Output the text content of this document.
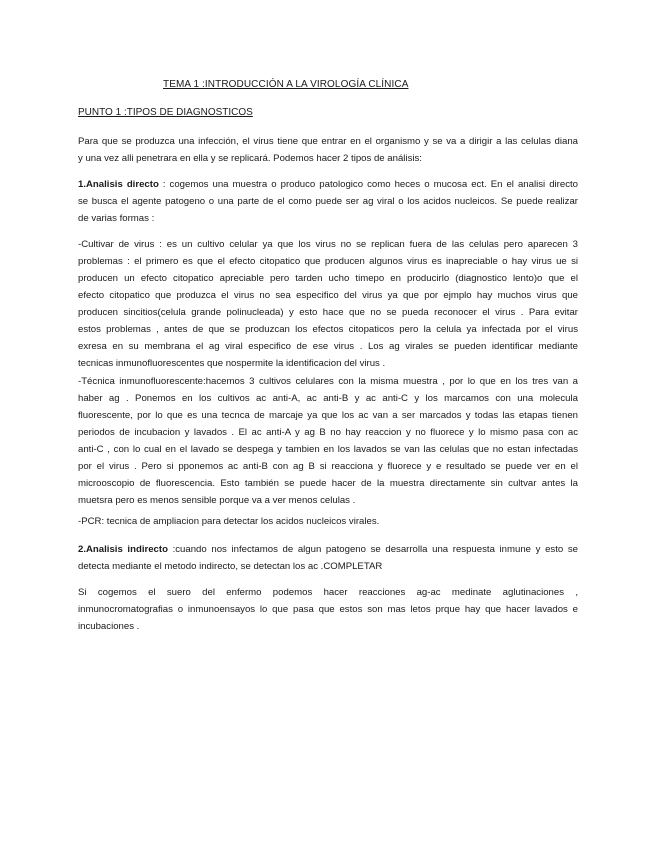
TEMA 1 :INTRODUCCIÓN A LA VIROLOGÍA CLÍNICA
PUNTO 1 :TIPOS DE DIAGNOSTICOS
Para que se produzca una infección, el virus tiene que entrar en el organismo y se va a dirigir a las celulas diana
y una vez alli penetrara en ella y se replicará. Podemos hacer 2 tipos de análisis:
1.Analisis directo : cogemos una muestra o produco patologico como heces o mucosa ect. En el analisi directo
se busca el agente patogeno o una parte de el como puede ser ag viral o los acidos nucleicos. Se puede realizar
de varias formas :
-Cultivar de virus : es un cultivo celular ya que los virus no se replican fuera de las celulas pero aparecen 3
problemas : el primero es que el efecto citopatico que producen algunos virus es inapreciable o hay virus ue si
producen un efecto citopatico apreciable pero tarden ucho timepo en producirlo (diagnostico lento)o que el
efecto citopatico que produzca el virus no sea especifico del virus ya que por ejmplo hay muchos virus que
producen sincitios(celula grande polinucleada) y esto hace que no se pueda reconocer el virus . Para evitar
estos problemas , antes de que se produzcan los efectos citopaticos pero la celula ya infectada por el virus
exresa en su membrana el ag viral especifico de ese virus . Los ag virales se pueden identificar mediante
tecnicas inmunofluorescentes que nospermite la identificacion del virus .
-Técnica inmunofluorescente:hacemos 3 cultivos celulares con la misma muestra , por lo que en los tres van a
haber ag . Ponemos en los cultivos ac anti-A, ac anti-B y ac anti-C y los marcamos con una molecula
fluorescente, por lo que es una tecnca de marcaje ya que los ac van a ser marcados y todas las etapas tienen
periodos de incubacion y lavados . El ac anti-A y ag B no hay reaccion y no fluorece y lo mismo pasa con ac
anti-C , con lo cual en el lavado se despega y tambien en los lavados se van las celulas que no estan infectadas
por el virus . Pero si pponemos ac anti-B con ag B si reacciona y fluorece y e resultado se puede ver en el
microoscopio de fluorescencia. Esto también se puede hacer de la muestra directamente sin cultvar antes la
muetsra pero es menos sensible porque va a ver menos celulas .
-PCR: tecnica de ampliacion para detectar los acidos nucleicos virales.
2.Analisis indirecto :cuando nos infectamos de algun patogeno se desarrolla una respuesta inmune y esto se
detecta mediante el metodo indirecto, se detectan los ac .COMPLETAR
Si cogemos el suero del enfermo podemos hacer reacciones ag-ac medinate aglutinaciones ,
inmunocromatografias o inmunoensayos lo que pasa que estos son mas letos prque hay que hacer lavados e
incubaciones .
